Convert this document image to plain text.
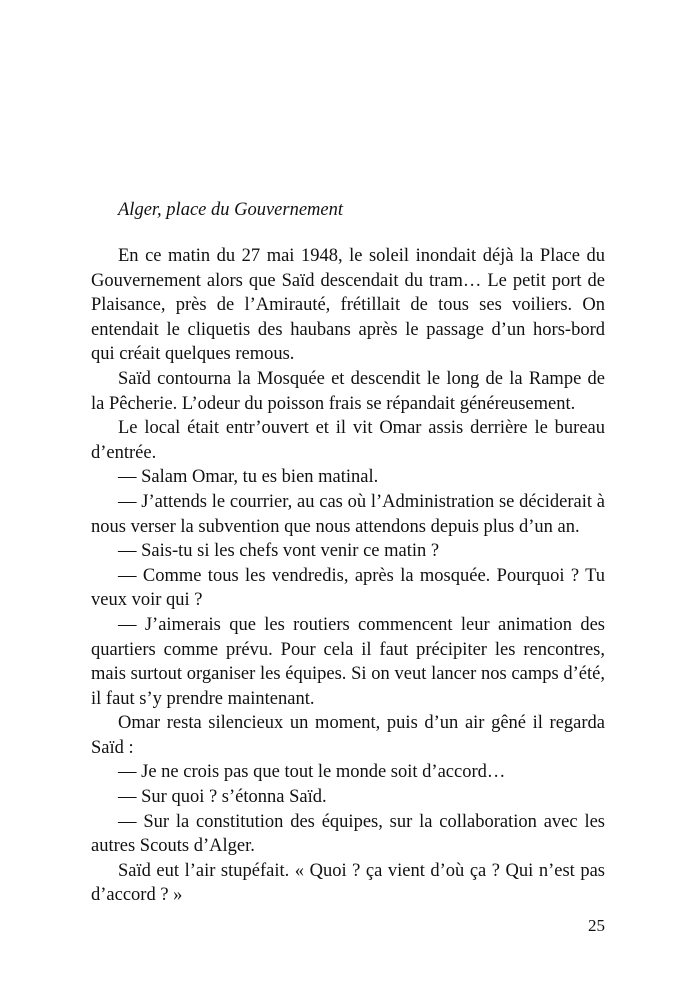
Alger, place du Gouvernement

En ce matin du 27 mai 1948, le soleil inondait déjà la Place du Gouvernement alors que Saïd descendait du tram… Le petit port de Plaisance, près de l’Amirauté, frétillait de tous ses voiliers. On entendait le cliquetis des haubans après le passage d’un hors-bord qui créait quelques remous.

Saïd contourna la Mosquée et descendit le long de la Rampe de la Pêcherie. L’odeur du poisson frais se répandait généreusement.

Le local était entr’ouvert et il vit Omar assis derrière le bureau d’entrée.

— Salam Omar, tu es bien matinal.

— J’attends le courrier, au cas où l’Administration se déciderait à nous verser la subvention que nous attendons depuis plus d’un an.

— Sais-tu si les chefs vont venir ce matin ?

— Comme tous les vendredis, après la mosquée. Pourquoi ? Tu veux voir qui ?

— J’aimerais que les routiers commencent leur animation des quartiers comme prévu. Pour cela il faut précipiter les rencontres, mais surtout organiser les équipes. Si on veut lancer nos camps d’été, il faut s’y prendre maintenant.

Omar resta silencieux un moment, puis d’un air gêné il regarda Saïd :

— Je ne crois pas que tout le monde soit d’accord…

— Sur quoi ? s’étonna Saïd.

— Sur la constitution des équipes, sur la collaboration avec les autres Scouts d’Alger.

Saïd eut l’air stupéfait. « Quoi ? ça vient d’où ça ? Qui n’est pas d’accord ? »

25
